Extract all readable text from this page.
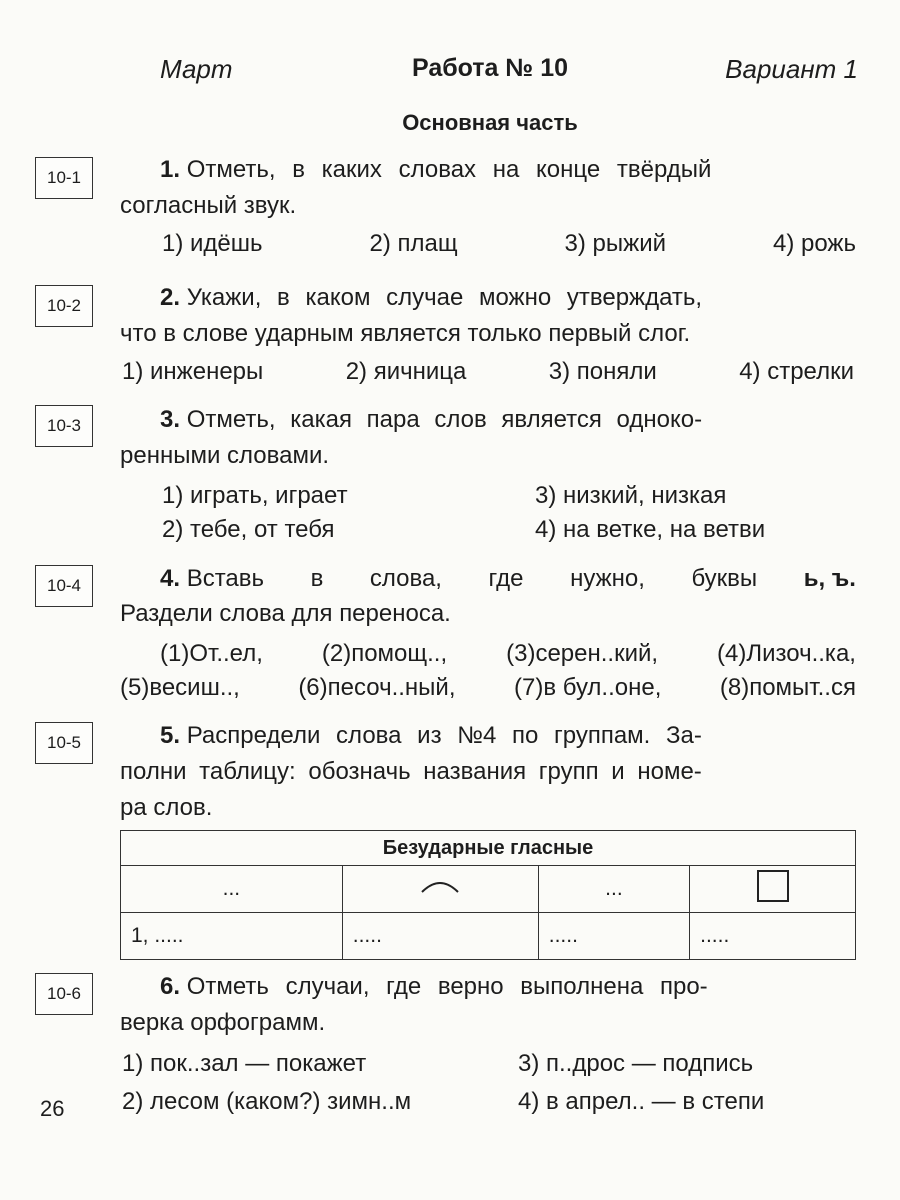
Март	Работа № 10	Вариант 1
Основная часть
10-1
10-2
10-3
10-4
10-5
10-6
1. Отметь, в каких словах на конце твёрдый
согласный звук.
1) идёшь	2) плащ	3) рыжий	4) рожь
2. Укажи, в каком случае можно утверждать,
что в слове ударным является только первый слог.
1) инженеры	2) яичница	3) поняли	4) стрелки
3. Отметь, какая пара слов является одноко-
ренными словами.
1) играть, играет	3) низкий, низкая
2) тебе, от тебя	4) на ветке, на ветви
4. Вставь в слова, где нужно, буквы ь, ъ.
Раздели слова для переноса.
(1)От..ел, (2)помощ.., (3)серен..кий, (4)Лизоч..ка,
(5)весиш.., (6)песоч..ный, (7)в бул..оне, (8)помыт..ся
5. Распредели слова из №4 по группам. За-
полни таблицу: обозначь названия групп и номе-
ра слов.
Безударные гласные			
...		...	
1, .....	.....	.....	.....
6. Отметь случаи, где верно выполнена про-
верка орфограмм.
1) пок..зал — покажет	3) п..дрос — подпись
2) лесом (каком?) зимн..м	4) в апрел.. — в степи
26
